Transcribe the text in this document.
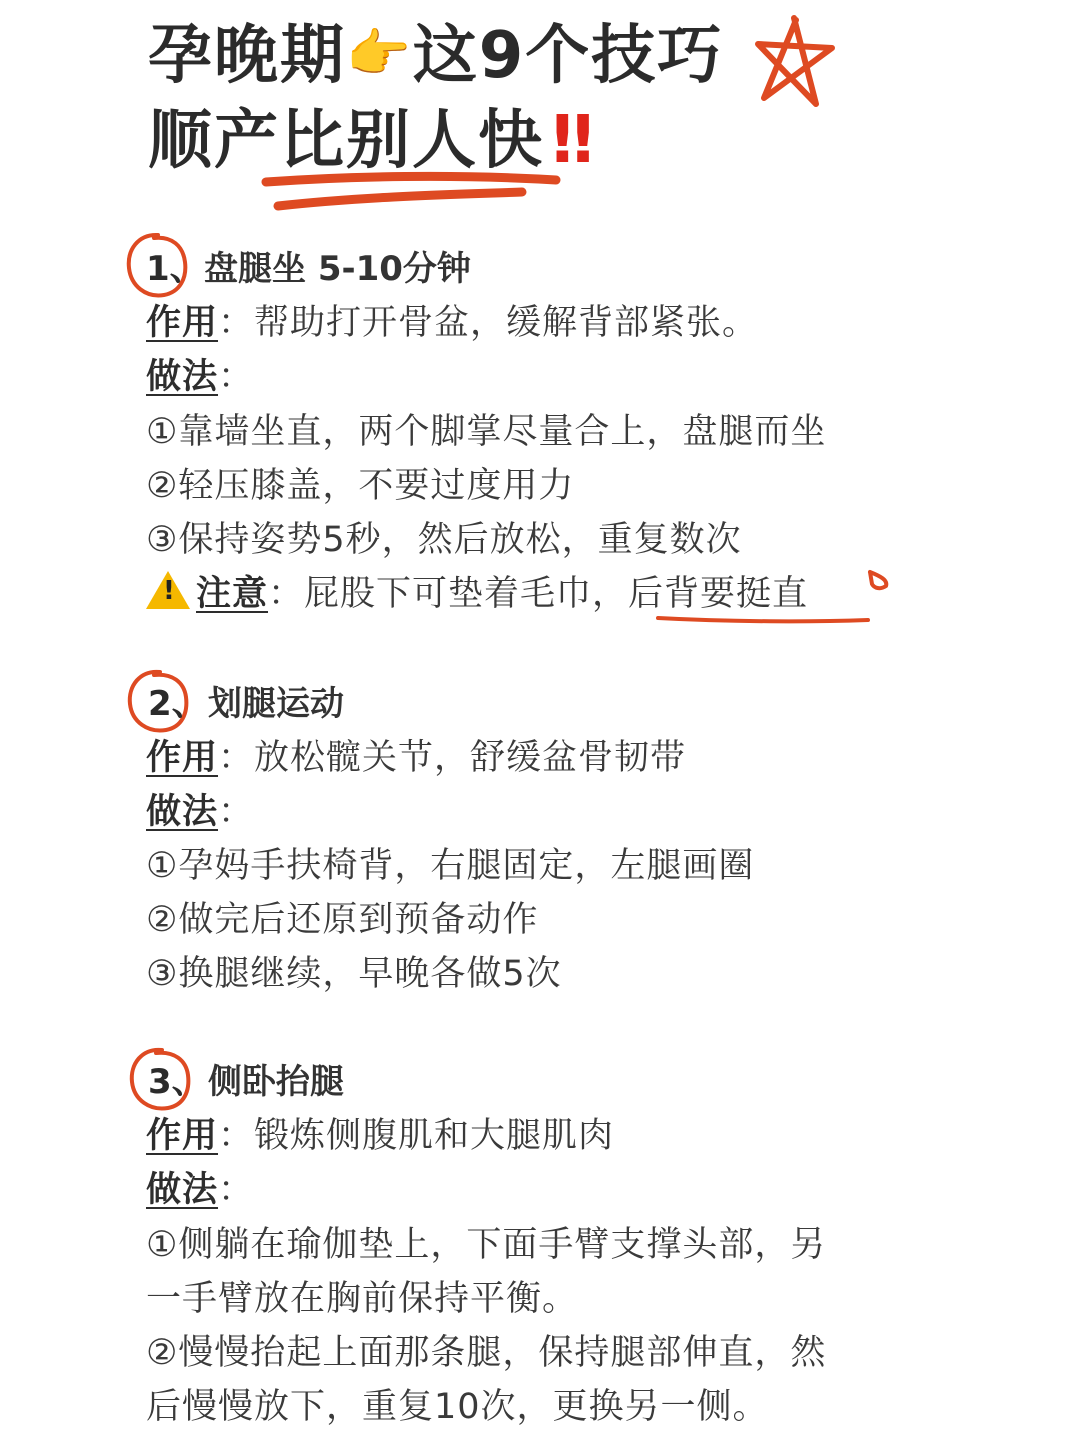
孕晚期👉这9个技巧
顺产比别人快 ‼
1、 盘腿坐 5-10分钟
作用：帮助打开骨盆，缓解背部紧张。
做法：
①靠墙坐直，两个脚掌尽量合上，盘腿而坐
②轻压膝盖，不要过度用力
③保持姿势5秒，然后放松，重复数次
! 注意：屁股下可垫着毛巾，后背要挺直
2、 划腿运动
作用：放松髋关节，舒缓盆骨韧带
做法：
①孕妈手扶椅背，右腿固定，左腿画圈
②做完后还原到预备动作
③换腿继续，早晚各做5次
3、 侧卧抬腿
作用：锻炼侧腹肌和大腿肌肉
做法：
①侧躺在瑜伽垫上，下面手臂支撑头部，另
一手臂放在胸前保持平衡。
②慢慢抬起上面那条腿，保持腿部伸直，然
后慢慢放下，重复10次，更换另一侧。
